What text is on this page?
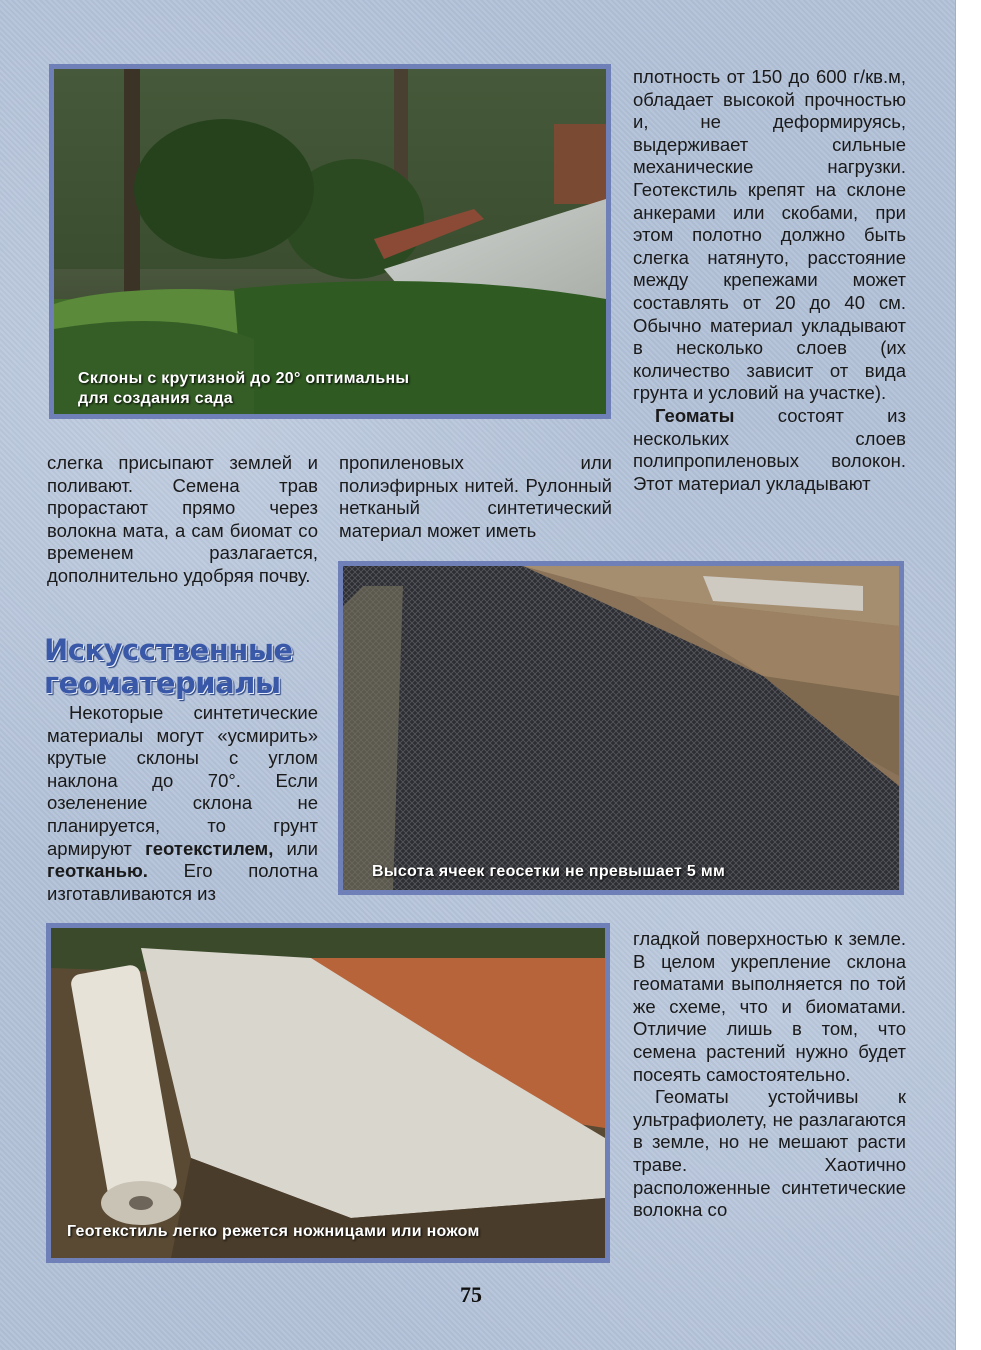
Склоны с крутизной до 20° оптимальны
для создания сада

плотность от 150 до 600 г/кв.м, обладает высокой прочностью и, не деформируясь, выдерживает сильные механические нагрузки. Геотекстиль крепят на склоне анкерами или скобами, при этом полотно должно быть слегка натянуто, расстояние между крепежами может составлять от 20 до 40 см. Обычно материал укладывают в несколько слоев (их количество зависит от вида грунта и условий на участке).

Геоматы состоят из нескольких слоев полипропиленовых волокон. Этот материал укладывают

слегка присыпают землей и поливают. Семена трав прорастают прямо через волокна мата, а сам биомат со временем разлагается, дополнительно удобряя почву.

пропиленовых или полиэфирных нитей. Рулонный нетканый синтетический материал может иметь

Высота ячеек геосетки не превышает 5 мм
Искусственные
геоматериалы

Некоторые синтетические материалы могут «усмирить» крутые склоны с углом наклона до 70°. Если озеленение склона не планируется, то грунт армируют геотекстилем, или геотканью. Его полотна изготавливаются из

Геотекстиль легко режется ножницами или ножом

гладкой поверхностью к земле. В целом укрепление склона геоматами выполняется по той же схеме, что и биоматами. Отличие лишь в том, что семена растений нужно будет посеять самостоятельно.

Геоматы устойчивы к ультрафиолету, не разлагаются в земле, но не мешают расти траве. Хаотично расположенные синтетические волокна со

75
